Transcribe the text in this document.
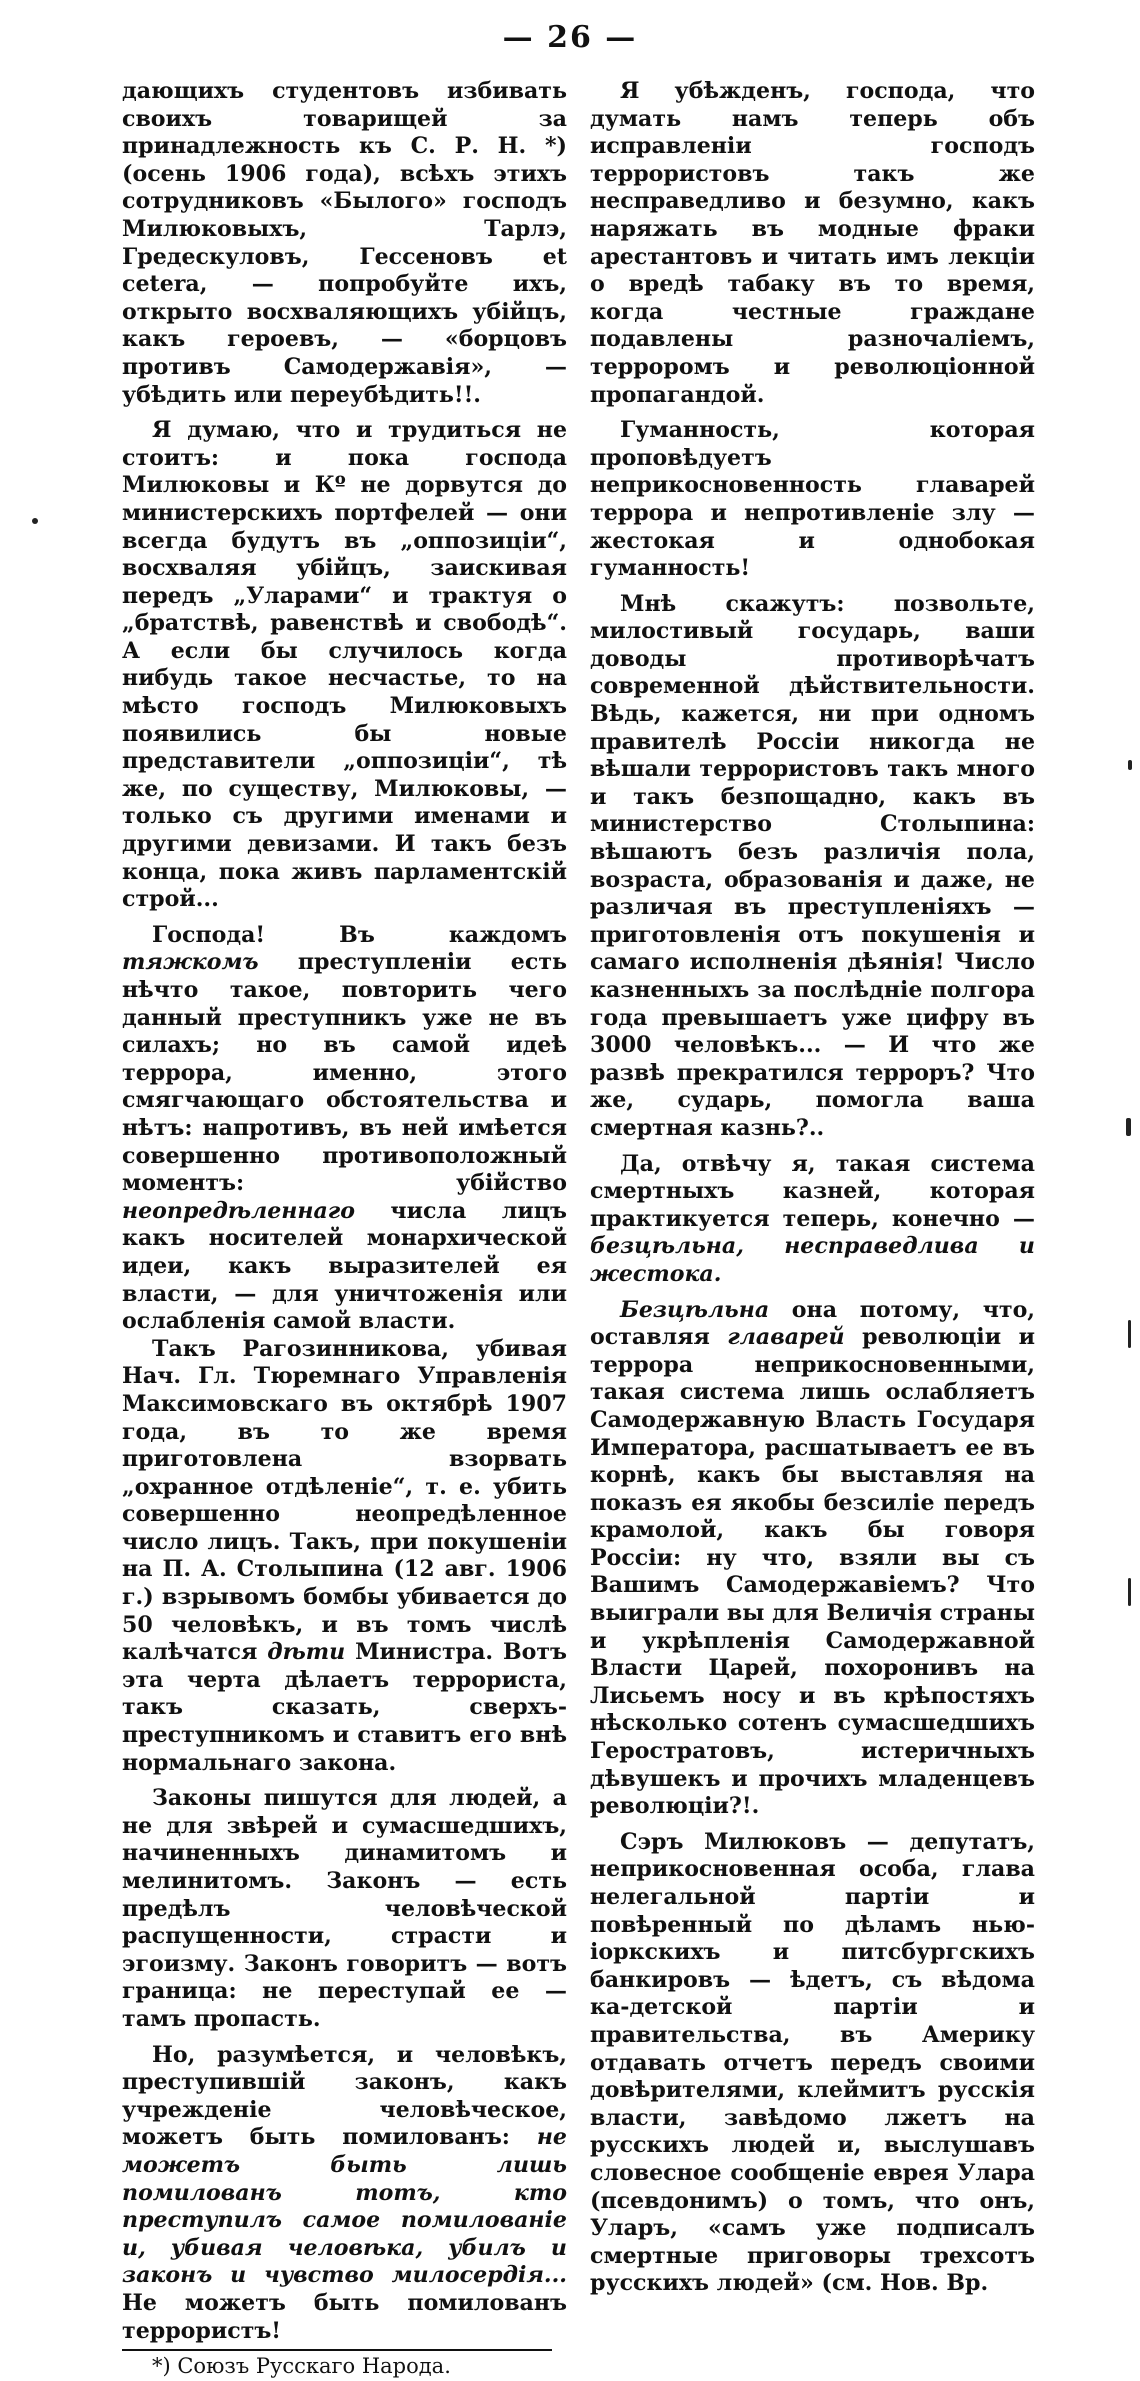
— 26 —

дающихъ студентовъ избивать своихъ товарищей за принадлежность къ С. Р. Н. *) (осень 1906 года), всѣхъ этихъ сотрудниковъ «Былого» господъ Милюковыхъ, Тарлэ, Гредескуловъ, Гессеновъ et cetera, — попробуйте ихъ, открыто восхваляющихъ убійцъ, какъ героевъ, — «борцовъ противъ Самодержавія», — убѣдить или переубѣдить!!.

Я думаю, что и трудиться не стоитъ: и пока господа Милюковы и Кº не дорвутся до министерскихъ портфелей — они всегда будутъ въ „оппозиціи“, восхваляя убійцъ, заискивая передъ „Уларами“ и трактуя о „братствѣ, равенствѣ и свободѣ“. А если бы случилось когда нибудь такое несчастье, то на мѣсто господъ Милюковыхъ появились бы новые представители „оппозиціи“, тѣ же, по существу, Милюковы, — только съ другими именами и другими девизами. И такъ безъ конца, пока живъ парламентскій строй...

Господа! Въ каждомъ тяжкомъ преступленіи есть нѣчто такое, повторить чего данный преступникъ уже не въ силахъ; но въ самой идеѣ террора, именно, этого смягчающаго обстоятельства и нѣтъ: напротивъ, въ ней имѣется совершенно противоположный моментъ: убійство неопредѣленнаго числа лицъ какъ носителей монархической идеи, какъ выразителей ея власти, — для уничтоженія или ослабленія самой власти.

Такъ Рагозинникова, убивая Нач. Гл. Тюремнаго Управленія Максимовскаго въ октябрѣ 1907 года, въ то же время приготовлена взорвать „охранное отдѣленіе“, т. е. убить совершенно неопредѣленное число лицъ. Такъ, при покушеніи на П. А. Столыпина (12 авг. 1906 г.) взрывомъ бомбы убивается до 50 человѣкъ, и въ томъ числѣ калѣчатся дѣти Министра. Вотъ эта черта дѣлаетъ террориста, такъ сказать, сверхъ-преступникомъ и ставитъ его внѣ нормальнаго закона.

Законы пишутся для людей, а не для звѣрей и сумасшедшихъ, начиненныхъ динамитомъ и мелинитомъ. Законъ — есть предѣлъ человѣческой распущенности, страсти и эгоизму. Законъ говоритъ — вотъ граница: не переступай ее — тамъ пропасть.

Но, разумѣется, и человѣкъ, преступившій законъ, какъ учрежденіе человѣческое, можетъ быть помилованъ: не можетъ быть лишь помилованъ тотъ, кто преступилъ самое помилованіе и, убивая человѣка, убилъ и законъ и чувство милосердія... Не можетъ быть помилованъ террористъ!

*) Союзъ Русскаго Народа.

Я убѣжденъ, господа, что думать намъ теперь объ исправленіи господъ террористовъ такъ же несправедливо и безумно, какъ наряжать въ модные фраки арестантовъ и читать имъ лекціи о вредѣ табаку въ то время, когда честные граждане подавлены разночаліемъ, терроромъ и революціонной пропагандой.

Гуманность, которая проповѣдуетъ неприкосновенность главарей террора и непротивленіе злу — жестокая и однобокая гуманность!

Мнѣ скажутъ: позвольте, милостивый государь, ваши доводы противорѣчатъ современной дѣйствительности. Вѣдь, кажется, ни при одномъ правителѣ Россіи никогда не вѣшали террористовъ такъ много и такъ безпощадно, какъ въ министерство Столыпина: вѣшаютъ безъ различія пола, возраста, образованія и даже, не различая въ преступленіяхъ — приготовленія отъ покушенія и самаго исполненія дѣянія! Число казненныхъ за послѣдніе полгора года превышаетъ уже цифру въ 3000 человѣкъ... — И что же развѣ прекратился терроръ? Что же, сударь, помогла ваша смертная казнь?..

Да, отвѣчу я, такая система смертныхъ казней, которая практикуется теперь, конечно — безцѣльна, несправедлива и жестока.

Безцѣльна она потому, что, оставляя главарей революціи и террора неприкосновенными, такая система лишь ослабляетъ Самодержавную Власть Государя Императора, расшатываетъ ее въ корнѣ, какъ бы выставляя на показъ ея якобы безсиліе передъ крамолой, какъ бы говоря Россіи: ну что, взяли вы съ Вашимъ Самодержавіемъ? Что выиграли вы для Величія страны и укрѣпленія Самодержавной Власти Царей, похоронивъ на Лисьемъ носу и въ крѣпостяхъ нѣсколько сотенъ сумасшедшихъ Геростратовъ, истеричныхъ дѣвушекъ и прочихъ младенцевъ революціи?!.

Сэръ Милюковъ — депутатъ, неприкосновенная особа, глава нелегальной партіи и повѣренный по дѣламъ нью-іоркскихъ и питсбургскихъ банкировъ — ѣдетъ, съ вѣдома ка-детской партіи и правительства, въ Америку отдавать отчетъ передъ своими довѣрителями, клеймитъ русскія власти, завѣдомо лжетъ на русскихъ людей и, выслушавъ словесное сообщеніе еврея Улара (псевдонимъ) о томъ, что онъ, Уларъ, «самъ уже подписалъ смертные приговоры трехсотъ русскихъ людей» (см. Нов. Вр.
